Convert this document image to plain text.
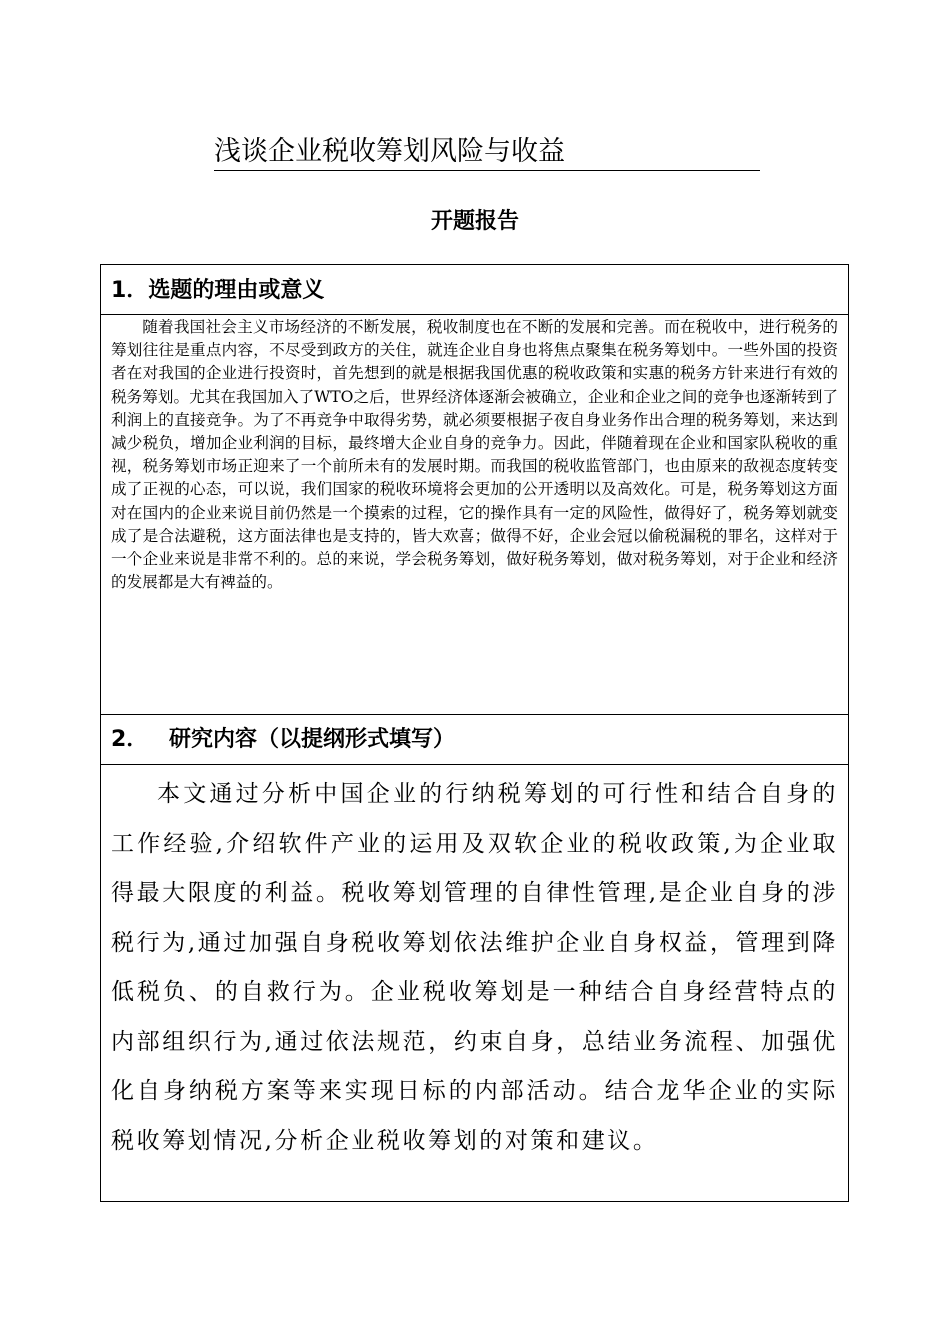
浅谈企业税收筹划风险与收益
开题报告
1．选题的理由或意义
随着我国社会主义市场经济的不断发展，税收制度也在不断的发展和完善。而在税收中，进行税务的筹划往往是重点内容，不尽受到政方的关住，就连企业自身也将焦点聚集在税务筹划中。一些外国的投资者在对我国的企业进行投资时，首先想到的就是根据我国优惠的税收政策和实惠的税务方针来进行有效的税务筹划。尤其在我国加入了WTO之后，世界经济体逐渐会被确立，企业和企业之间的竞争也逐渐转到了利润上的直接竞争。为了不再竞争中取得劣势，就必须要根据子夜自身业务作出合理的税务筹划，来达到减少税负，增加企业利润的目标，最终增大企业自身的竞争力。因此，伴随着现在企业和国家队税收的重视，税务筹划市场正迎来了一个前所未有的发展时期。而我国的税收监管部门，也由原来的敌视态度转变成了正视的心态，可以说，我们国家的税收环境将会更加的公开透明以及高效化。可是，税务筹划这方面对在国内的企业来说目前仍然是一个摸索的过程，它的操作具有一定的风险性，做得好了，税务筹划就变成了是合法避税，这方面法律也是支持的，皆大欢喜；做得不好，企业会冠以偷税漏税的罪名，这样对于一个企业来说是非常不利的。总的来说，学会税务筹划，做好税务筹划，做对税务筹划，对于企业和经济的发展都是大有裨益的。
2． 研究内容（以提纲形式填写）
本文通过分析中国企业的行纳税筹划的可行性和结合自身的工作经验,介绍软件产业的运用及双软企业的税收政策,为企业取得最大限度的利益。税收筹划管理的自律性管理,是企业自身的涉税行为,通过加强自身税收筹划依法维护企业自身权益，管理到降低税负、的自救行为。企业税收筹划是一种结合自身经营特点的内部组织行为,通过依法规范，约束自身，总结业务流程、加强优化自身纳税方案等来实现日标的内部活动。结合龙华企业的实际税收筹划情况,分析企业税收筹划的对策和建议。
